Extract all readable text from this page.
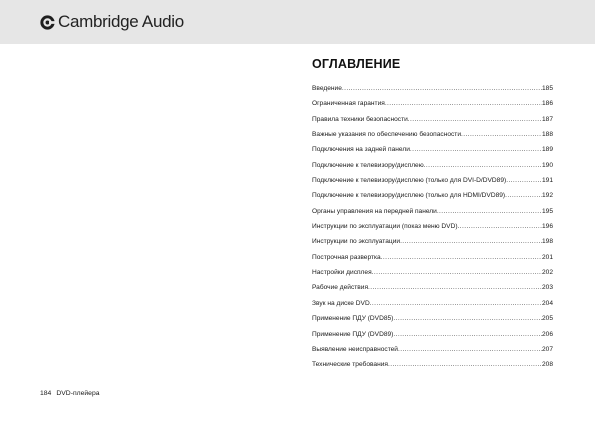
Cambridge Audio
ОГЛАВЛЕНИЕ
Введение .....	185
Ограниченная гарантия .....	186
Правила техники безопасности .....	187
Важные указания по обеспечению безопасности .....	188
Подключения на задней панели .....	189
Подключение к телевизору/дисплею .....	190
Подключение к телевизору/дисплею (только для DVI-D/DVD89) .....	191
Подключение к телевизору/дисплею (только для HDMI/DVD89) .....	192
Органы управления на передней панели .....	195
Инструкции по эксплуатации (показ меню DVD) .....	196
Инструкции по эксплуатации .....	198
Построчная развертка .....	201
Настройки дисплея .....	202
Рабочие действия .....	203
Звук на диске DVD .....	204
Применение ПДУ (DVD85) .....	205
Применение ПДУ (DVD89) .....	206
Выявление неисправностей .....	207
Технические требования .....	208
184 DVD-плейера
